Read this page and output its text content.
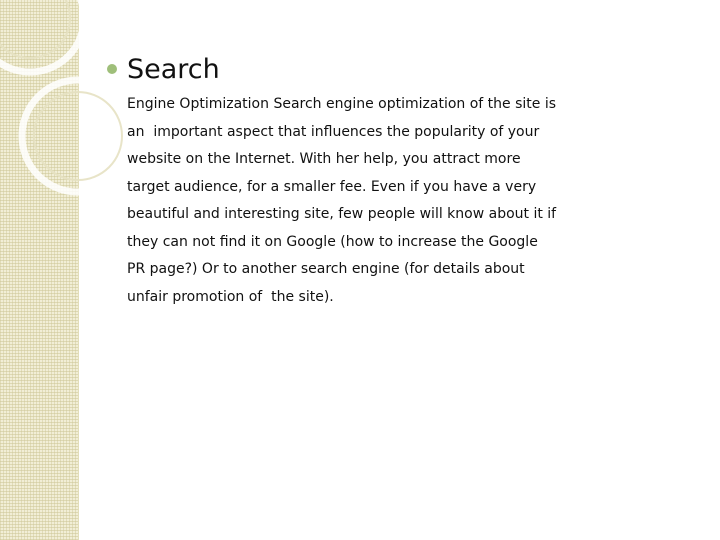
Search
Engine Optimization Search engine optimization of the site is
an  important aspect that influences the popularity of your
website on the Internet. With her help, you attract more
target audience, for a smaller fee. Even if you have a very
beautiful and interesting site, few people will know about it if
they can not find it on Google (how to increase the Google
PR page?) Or to another search engine (for details about
unfair promotion of  the site).
